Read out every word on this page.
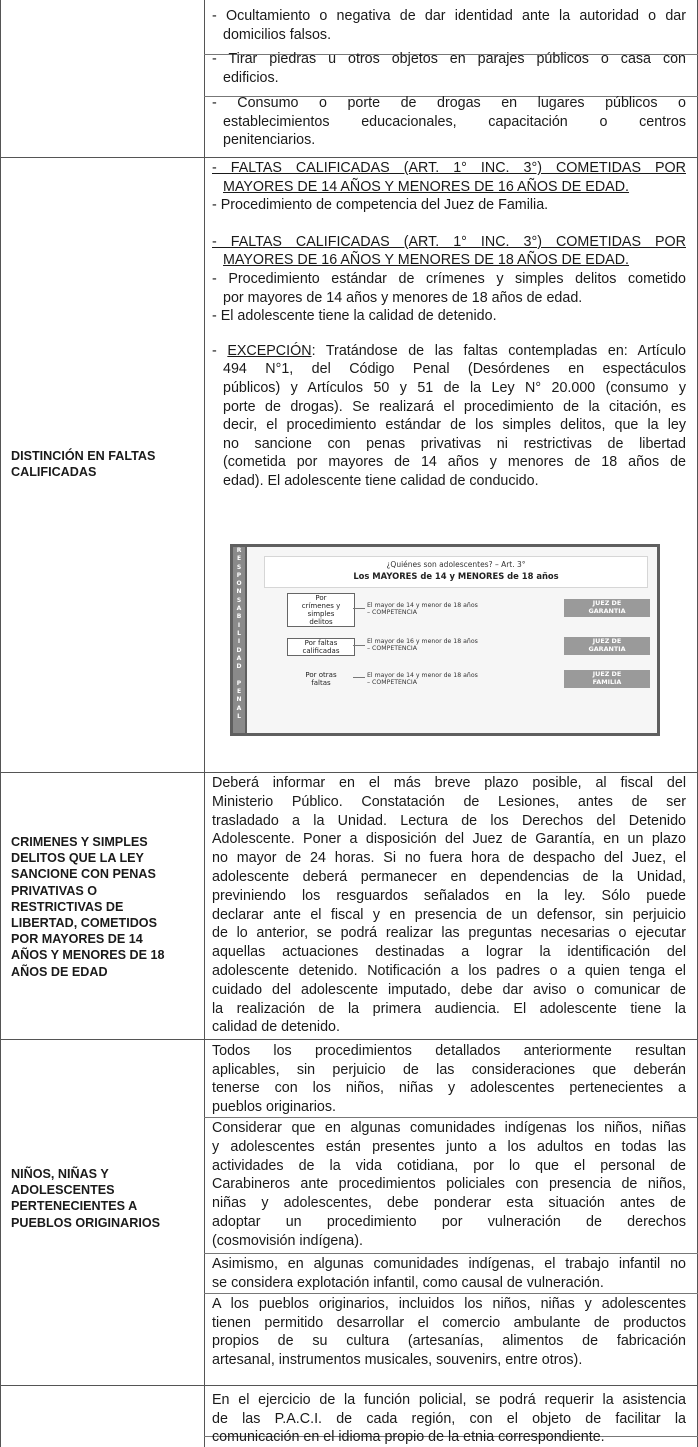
- Ocultamiento o negativa de dar identidad ante la autoridad o dar
domicilios falsos.
- Tirar piedras u otros objetos en parajes públicos o casa con
edificios.
- Consumo o porte de drogas en lugares públicos o
establecimientos educacionales, capacitación o centros
penitenciarios.
DISTINCIÓN EN FALTAS
CALIFICADAS
- FALTAS CALIFICADAS (ART. 1° INC. 3°) COMETIDAS POR
MAYORES DE 14 AÑOS Y MENORES DE 16 AÑOS DE EDAD.
- Procedimiento de competencia del Juez de Familia.
- FALTAS CALIFICADAS (ART. 1° INC. 3°) COMETIDAS POR
MAYORES DE 16 AÑOS Y MENORES DE 18 AÑOS DE EDAD.
- Procedimiento estándar de crímenes y simples delitos cometido
por mayores de 14 años y menores de 18 años de edad.
- El adolescente tiene la calidad de detenido.
- EXCEPCIÓN: Tratándose de las faltas contempladas en: Artículo
494 N°1, del Código Penal (Desórdenes en espectáculos
públicos) y Artículos 50 y 51 de la Ley N° 20.000 (consumo y
porte de drogas). Se realizará el procedimiento de la citación, es
decir, el procedimiento estándar de los simples delitos, que la ley
no sancione con penas privativas ni restrictivas de libertad
(cometida por mayores de 14 años y menores de 18 años de
edad). El adolescente tiene calidad de conducido.
R
E
S
P
O
N
S
A
B
I
L
I
D
A
D
P
E
N
A
L
¿Quiénes son adolescentes? – Art. 3°
Los MAYORES de 14 y MENORES de 18 años
Por
crímenes y
simples
delitos
El mayor de 14 y menor de 18 años
– COMPETENCIA
JUEZ DE
GARANTIA
Por faltas
calificadas
El mayor de 16 y menor de 18 años
– COMPETENCIA
JUEZ DE
GARANTIA
Por otras
faltas
El mayor de 14 y menor de 18 años
– COMPETENCIA
JUEZ DE
FAMILIA
CRIMENES Y SIMPLES
DELITOS QUE LA LEY
SANCIONE CON PENAS
PRIVATIVAS O
RESTRICTIVAS DE
LIBERTAD, COMETIDOS
POR MAYORES DE 14
AÑOS Y MENORES DE 18
AÑOS DE EDAD
Deberá informar en el más breve plazo posible, al fiscal del
Ministerio Público. Constatación de Lesiones, antes de ser
trasladado a la Unidad. Lectura de los Derechos del Detenido
Adolescente. Poner a disposición del Juez de Garantía, en un plazo
no mayor de 24 horas. Si no fuera hora de despacho del Juez, el
adolescente deberá permanecer en dependencias de la Unidad,
previniendo los resguardos señalados en la ley. Sólo puede
declarar ante el fiscal y en presencia de un defensor, sin perjuicio
de lo anterior, se podrá realizar las preguntas necesarias o ejecutar
aquellas actuaciones destinadas a lograr la identificación del
adolescente detenido. Notificación a los padres o a quien tenga el
cuidado del adolescente imputado, debe dar aviso o comunicar de
la realización de la primera audiencia. El adolescente tiene la
calidad de detenido.
NIÑOS, NIÑAS Y
ADOLESCENTES
PERTENECIENTES A
PUEBLOS ORIGINARIOS
Todos los procedimientos detallados anteriormente resultan
aplicables, sin perjuicio de las consideraciones que deberán
tenerse con los niños, niñas y adolescentes pertenecientes a
pueblos originarios.
Considerar que en algunas comunidades indígenas los niños, niñas
y adolescentes están presentes junto a los adultos en todas las
actividades de la vida cotidiana, por lo que el personal de
Carabineros ante procedimientos policiales con presencia de niños,
niñas y adolescentes, debe ponderar esta situación antes de
adoptar un procedimiento por vulneración de derechos
(cosmovisión indígena).
Asimismo, en algunas comunidades indígenas, el trabajo infantil no
se considera explotación infantil, como causal de vulneración.
A los pueblos originarios, incluidos los niños, niñas y adolescentes
tienen permitido desarrollar el comercio ambulante de productos
propios de su cultura (artesanías, alimentos de fabricación
artesanal, instrumentos musicales, souvenirs, entre otros).
En el ejercicio de la función policial, se podrá requerir la asistencia
de las P.A.C.I. de cada región, con el objeto de facilitar la
comunicación en el idioma propio de la etnia correspondiente.
